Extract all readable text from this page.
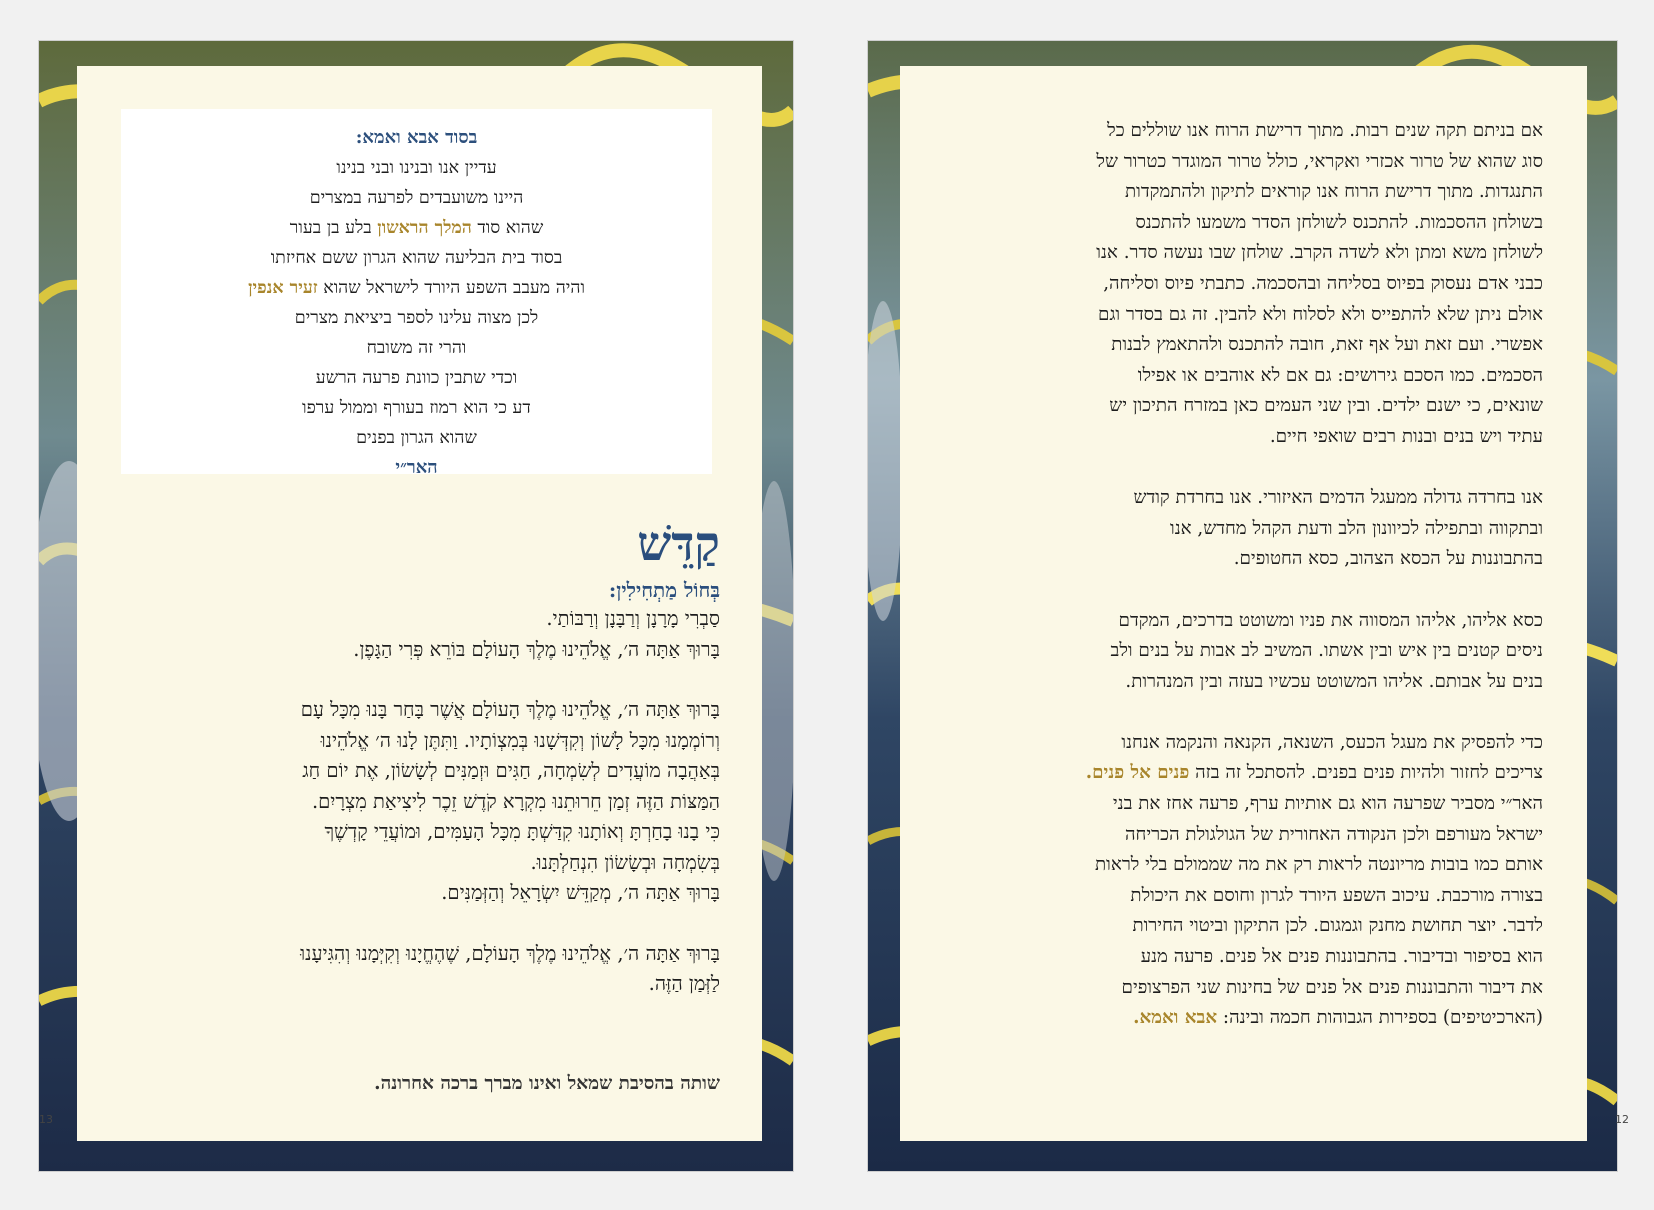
בסוד אבא ואמא:
עדיין אנו ובנינו ובני בנינו
היינו משועבדים לפרעה במצרים
שהוא סוד המלך הראשון בלע בן בעור
בסוד בית הבליעה שהוא הגרון ששם אחיזתו
והיה מעבב השפע היורד לישראל שהוא זעיר אנפין
לכן מצוה עלינו לספר ביציאת מצרים
והרי זה משובח
וכדי שתבין כוונת פרעה הרשע
דע כי הוא רמוז בעורף וממול ערפו
שהוא הגרון בפנים
האר״י
קַדֵּשׁ
בְּחוֹל מַתְחִילִין:
סַבְרִי מָרָנָן וְרַבָּנָן וְרַבּוֹתַי.
בָּרוּךְ אַתָּה ה׳, אֱלֹהֵינוּ מֶלֶךְ הָעוֹלָם בּוֹרֵא פְּרִי הַגָּפֶן.
בָּרוּךְ אַתָּה ה׳, אֱלֹהֵינוּ מֶלֶךְ הָעוֹלָם אֲשֶׁר בָּחַר בָּנוּ מִכָּל עָם
וְרוֹמְמָנוּ מִכָּל לָשׁוֹן וְקִדְּשָׁנוּ בְּמִצְוֹתָיו. וַתִּתֶּן לָנוּ ה׳ אֱלֹהֵינוּ
בְּאַהֲבָה מוֹעֲדִים לְשִׂמְחָה, חַגִּים וּזְמַנִּים לְשָׂשׂוֹן, אֶת יוֹם חַג
הַמַּצּוֹת הַזֶּה זְמַן חֵרוּתֵנוּ מִקְרָא קֹדֶשׁ זֵכֶר לִיצִיאַת מִצְרָיִם.
כִּי בָנוּ בָחַרְתָּ וְאוֹתָנוּ קִדַּשְׁתָּ מִכָּל הָעַמִּים, וּמוֹעֲדֵי קָדְשֶׁךָ
בְּשִׂמְחָה וּבְשָׂשׂוֹן הִנְחַלְתָּנוּ.
בָּרוּךְ אַתָּה ה׳, מְקַדֵּשׁ יִשְׂרָאֵל וְהַזְּמַנִּים.
בָּרוּךְ אַתָּה ה׳, אֱלֹהֵינוּ מֶלֶךְ הָעוֹלָם, שֶׁהֶחֱיָנוּ וְקִיְּמָנוּ וְהִגִּיעָנוּ
לַזְּמַן הַזֶּה.
שותה בהסיבת שמאל ואינו מברך ברכה אחרונה.
13
אם בניתם תקה שנים רבות. מתוך דרישת הרוח אנו שוללים כל
סוג שהוא של טרור אכזרי ואקראי, כולל טרור המוגדר כטרור של
התנגדות. מתוך דרישת הרוח אנו קוראים לתיקון ולהתמקדות
בשולחן ההסכמות. להתכנס לשולחן הסדר משמעו להתכנס
לשולחן משא ומתן ולא לשדה הקרב. שולחן שבו נעשה סדר. אנו
כבני אדם נעסוק בפיוס בסליחה ובהסכמה. כתבתי פיוס וסליחה,
אולם ניתן שלא להתפייס ולא לסלוח ולא להבין. זה גם בסדר וגם
אפשרי. ועם זאת ועל אף זאת, חובה להתכנס ולהתאמץ לבנות
הסכמים. כמו הסכם גירושים: גם אם לא אוהבים או אפילו
שונאים, כי ישנם ילדים. ובין שני העמים כאן במזרח התיכון יש
עתיד ויש בנים ובנות רבים שואפי חיים.
אנו בחרדה גדולה ממעגל הדמים האיזורי. אנו בחרדת קודש
ובתקווה ובתפילה לכיוונון הלב ודעת הקהל מחדש, אנו
בהתבוננות על הכסא הצהוב, כסא החטופים.
כסא אליהו, אליהו המסווה את פניו ומשוטט בדרכים, המקדם
ניסים קטנים בין איש ובין אשתו. המשיב לב אבות על בנים ולב
בנים על אבותם. אליהו המשוטט עכשיו בעזה ובין המנהרות.
כדי להפסיק את מעגל הכעס, השנאה, הקנאה והנקמה אנחנו
צריכים לחזור ולהיות פנים בפנים. להסתכל זה בזה פנים אל פנים.
האר״י מסביר שפרעה הוא גם אותיות ערף, פרעה אחז את בני
ישראל מעורפם ולכן הנקודה האחורית של הגולגולת הכריחה
אותם כמו בובות מריונטה לראות רק את מה שממולם בלי לראות
בצורה מורכבת. עיכוב השפע היורד לגרון וחוסם את היכולת
לדבר. יוצר תחושת מחנק וגמגום. לכן התיקון וביטוי החירות
הוא בסיפור ובדיבור. בהתבוננות פנים אל פנים. פרעה מנע
את דיבור והתבוננות פנים אל פנים של בחינות שני הפרצופים
(הארכיטיפים) בספירות הגבוהות חכמה ובינה: אבא ואמא.
12
